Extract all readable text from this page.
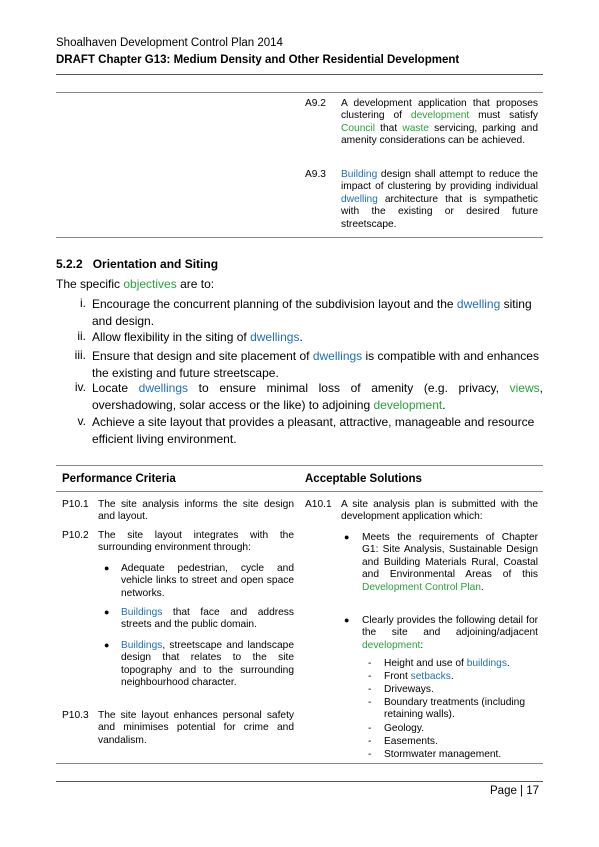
Shoalhaven Development Control Plan 2014
DRAFT Chapter G13: Medium Density and Other Residential Development
A9.2 A development application that proposes clustering of development must satisfy Council that waste servicing, parking and amenity considerations can be achieved.
A9.3 Building design shall attempt to reduce the impact of clustering by providing individual dwelling architecture that is sympathetic with the existing or desired future streetscape.
5.2.2 Orientation and Siting
The specific objectives are to:
i. Encourage the concurrent planning of the subdivision layout and the dwelling siting and design.
ii. Allow flexibility in the siting of dwellings.
iii. Ensure that design and site placement of dwellings is compatible with and enhances the existing and future streetscape.
iv. Locate dwellings to ensure minimal loss of amenity (e.g. privacy, views, overshadowing, solar access or the like) to adjoining development.
v. Achieve a site layout that provides a pleasant, attractive, manageable and resource efficient living environment.
Performance Criteria	Acceptable Solutions
P10.1 The site analysis informs the site design and layout.
P10.2 The site layout integrates with the surrounding environment through:
● Adequate pedestrian, cycle and vehicle links to street and open space networks.
● Buildings that face and address streets and the public domain.
● Buildings, streetscape and landscape design that relates to the site topography and to the surrounding neighbourhood character.
P10.3 The site layout enhances personal safety and minimises potential for crime and vandalism.
A10.1 A site analysis plan is submitted with the development application which:
● Meets the requirements of Chapter G1: Site Analysis, Sustainable Design and Building Materials Rural, Coastal and Environmental Areas of this Development Control Plan.
● Clearly provides the following detail for the site and adjoining/adjacent development:
- Height and use of buildings.
- Front setbacks.
- Driveways.
- Boundary treatments (including retaining walls).
- Geology.
- Easements.
- Stormwater management.
Page | 17
